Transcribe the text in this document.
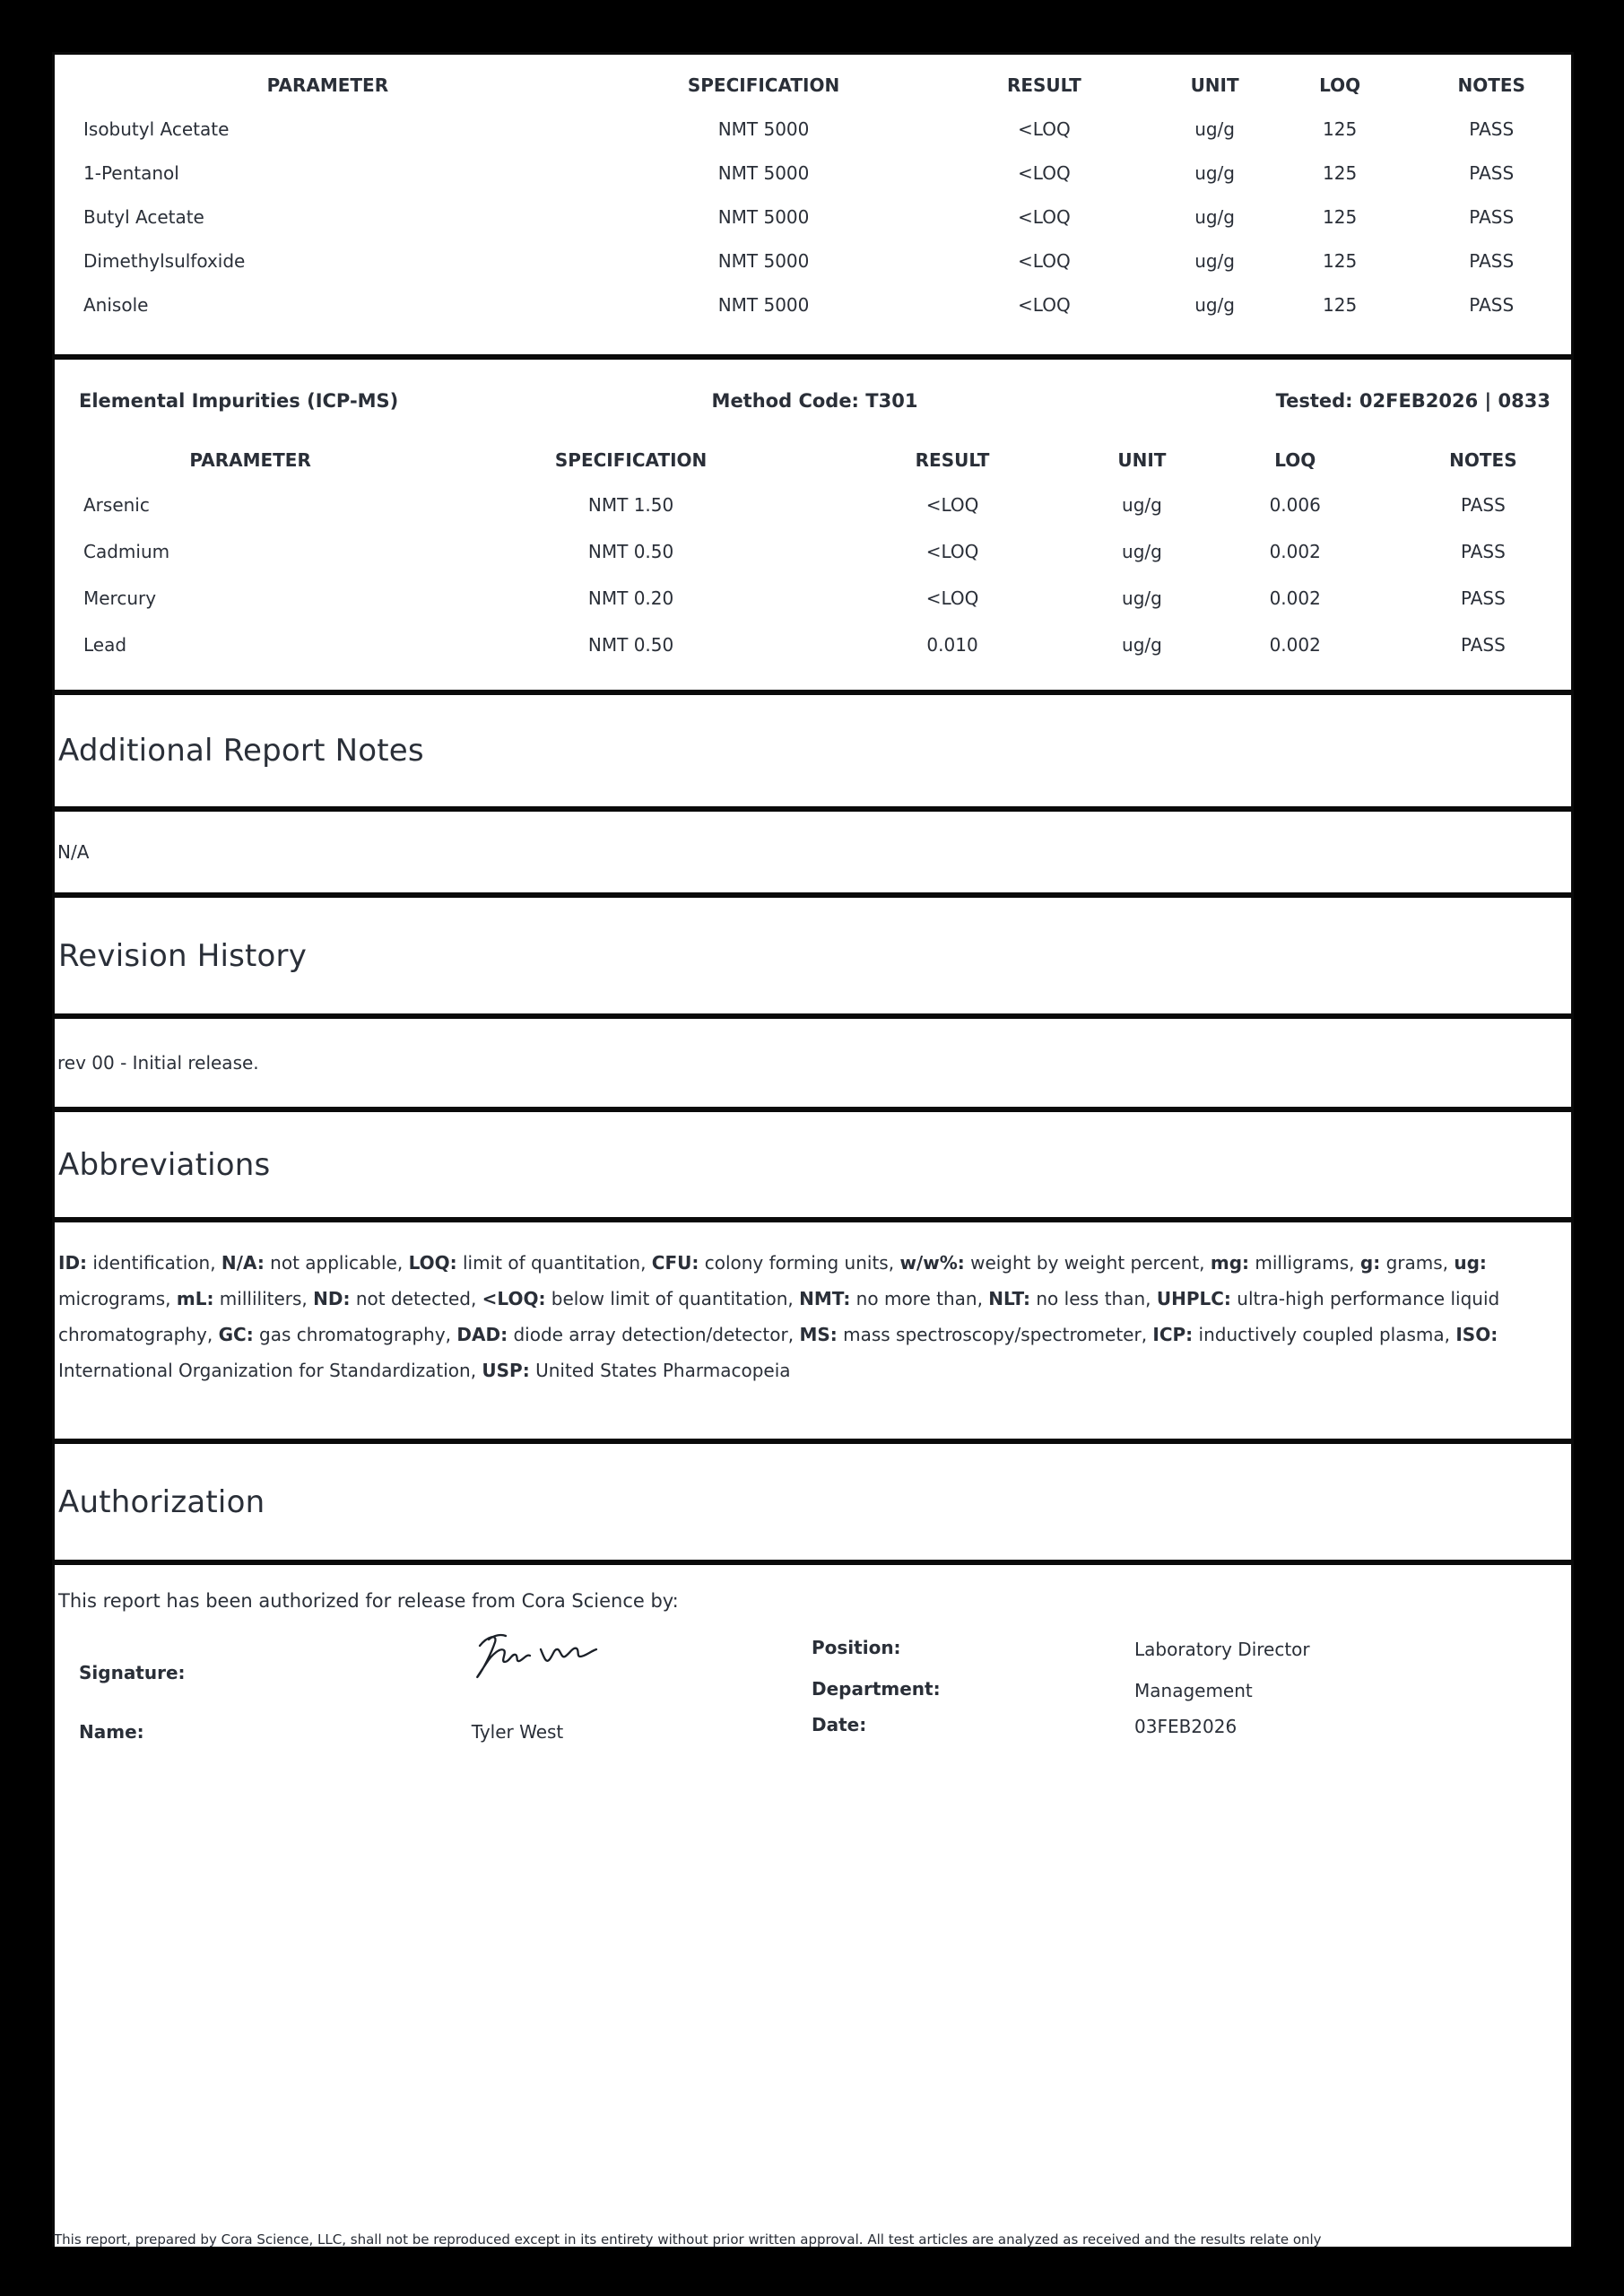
PARAMETER	SPECIFICATION	RESULT	UNIT	LOQ	NOTES
Isobutyl Acetate	NMT 5000	<LOQ	ug/g	125	PASS
1-Pentanol	NMT 5000	<LOQ	ug/g	125	PASS
Butyl Acetate	NMT 5000	<LOQ	ug/g	125	PASS
Dimethylsulfoxide	NMT 5000	<LOQ	ug/g	125	PASS
Anisole	NMT 5000	<LOQ	ug/g	125	PASS
Elemental Impurities (ICP-MS)	Method Code: T301	Tested: 02FEB2026 | 0833
PARAMETER	SPECIFICATION	RESULT	UNIT	LOQ	NOTES
Arsenic	NMT 1.50	<LOQ	ug/g	0.006	PASS
Cadmium	NMT 0.50	<LOQ	ug/g	0.002	PASS
Mercury	NMT 0.20	<LOQ	ug/g	0.002	PASS
Lead	NMT 0.50	0.010	ug/g	0.002	PASS
Additional Report Notes
N/A
Revision History
rev 00 - Initial release.
Abbreviations

ID: identification, N/A: not applicable, LOQ: limit of quantitation, CFU: colony forming units, w/w%: weight by weight percent, mg: milligrams, g: grams, ug: micrograms, mL: milliliters, ND: not detected, <LOQ: below limit of quantitation, NMT: no more than, NLT: no less than, UHPLC: ultra-high performance liquid chromatography, GC: gas chromatography, DAD: diode array detection/detector, MS: mass spectroscopy/spectrometer, ICP: inductively coupled plasma, ISO: International Organization for Standardization, USP: United States Pharmacopeia

Authorization

This report has been authorized for release from Cora Science by:

Signature:
Name:	Tyler West
Position:	Laboratory Director
Department:	Management
Date:	03FEB2026
This report, prepared by Cora Science, LLC, shall not be reproduced except in its entirety without prior written approval. All test articles are analyzed as received and the results relate only
